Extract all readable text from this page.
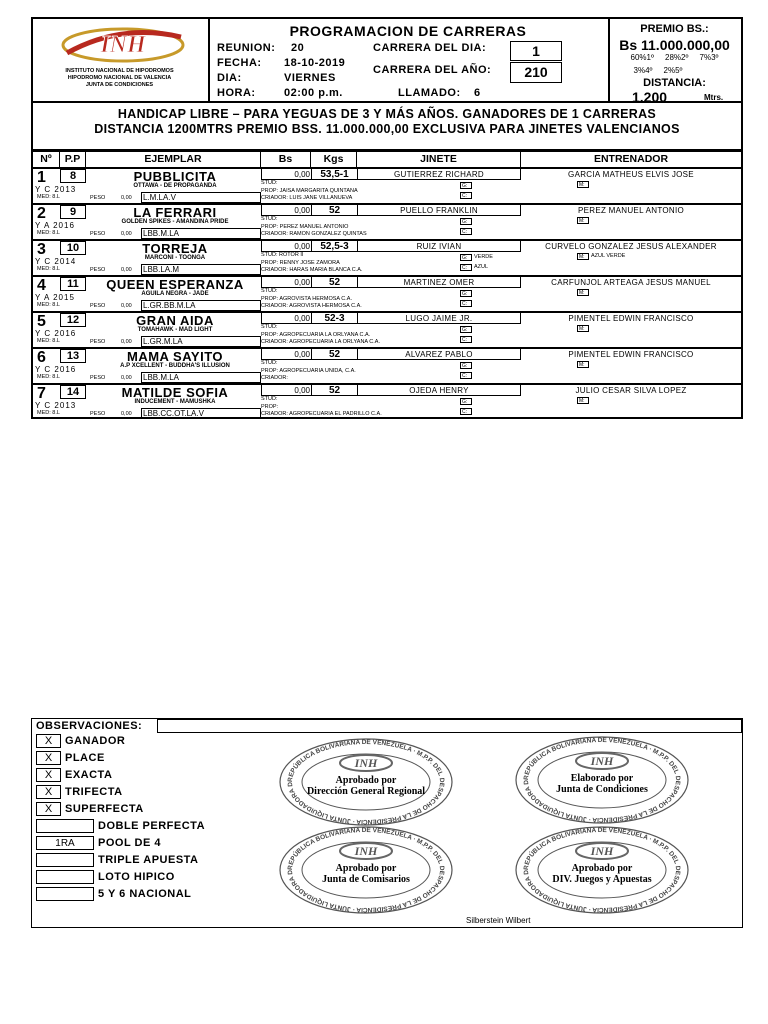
INH
INSTITUTO NACIONAL DE HIPODROMOS
HIPODROMO NACIONAL DE VALENCIA
JUNTA DE CONDICIONES
PROGRAMACION DE CARRERAS
REUNION: 20
FECHA: 18-10-2019
DIA:	VIERNES
HORA:	02:00 p.m.
CARRERA DEL DIA:
CARRERA DEL AÑO:
LLAMADO: 6
1
210
PREMIO BS.:
Bs 11.000.000,00
60%1º     28%2º     7%3º
3%4º     2%5º
DISTANCIA:
1.200	Mtrs.
HANDICAP LIBRE – PARA YEGUAS DE 3 Y MÁS AÑOS. GANADORES DE 1 CARRERAS
DISTANCIA 1200MTRS PREMIO BSS. 11.000.000,00 EXCLUSIVA PARA JINETES VALENCIANOS
Nº	P.P	EJEMPLAR	Bs	Kgs	JINETE	ENTRENADOR
1	8
Y C 2013
MED: 8.L
PUBBLICITA
OTTAWA - DE PROPAGANDA
PESO	0,00 L.M.LA.V
0,00	53,5-1	GUTIERREZ RICHARD	GARCIA MATHEUS ELVIS JOSE
STUD:
PROP: JAISA MARGARITA QUINTANA
CRIADOR: LUIS JANE VILLANUEVA
G:
C:
M:
2	9
Y A 2016
MED: 8.L
LA FERRARI
GOLDEN SPIKES - AMANDINA PRIDE
PESO	0,00 LBB.M.LA
0,00	52	PUELLO FRANKLIN	PEREZ MANUEL ANTONIO
STUD:
PROP: PEREZ MANUEL ANTONIO
CRIADOR: RAMON GONZALEZ QUINTAS
G:
C:
M:
3	10
Y C 2014
MED: 8.L
TORREJA
MARCONI - TOONGA
PESO	0,00 LBB.LA.M
0,00	52,5-3	RUIZ IVIAN	CURVELO GONZALEZ JESUS ALEXANDER
STUD: ROTOR II
PROP: RENNY JOSE ZAMORA
CRIADOR: HARAS MARIA BLANCA C.A.
G:	VERDE
C:	AZUL
M:	AZUL VERDE
4	11
Y A 2015
MED: 8.L
QUEEN ESPERANZA
AGUILA NEGRA - JADE
PESO	0,00 L.GR.BB.M.LA
0,00	52	MARTINEZ OMER	CARFUNJOL ARTEAGA JESUS MANUEL
STUD:
PROP: AGROVISTA HERMOSA C.A.
CRIADOR: AGROVISTA HERMOSA C.A.
G:
C:
M:
5	12
Y C 2016
MED: 8.L
GRAN AIDA
TOMAHAWK - MAD LIGHT
PESO	0,00 L.GR.M.LA
0,00	52-3	LUGO JAIME JR.	PIMENTEL EDWIN FRANCISCO
STUD:
PROP: AGROPECUARIA LA ORLYANA C.A.
CRIADOR: AGROPECUARIA LA ORLYANA C.A.
G:
C:
M:
6	13
Y C 2016
MED: 8.L
MAMA SAYITO
A.P XCELLENT - BUDDHA'S ILLUSION
PESO	0,00 LBB.M.LA
0,00	52	ALVAREZ PABLO	PIMENTEL EDWIN FRANCISCO
STUD:
PROP: AGROPECUARIA UNIDA, C.A.
CRIADOR:
G:
C:
M:
7	14
Y C 2013
MED: 8.L
MATILDE SOFIA
INDUCEMENT - MAMUSHKA
PESO	0,00 LBB.CC.OT.LA.V
0,00	52	OJEDA HENRY	JULIO CESAR SILVA LOPEZ
STUD:
PROP:
CRIADOR: AGROPECUARIA EL PADRILLO C.A.
G:
C:
M:
OBSERVACIONES:
X	GANADOR
X	PLACE
X	EXACTA
X	TRIFECTA
X	SUPERFECTA
DOBLE PERFECTA
1RA	POOL DE 4
TRIPLE APUESTA
LOTO HIPICO
5 Y 6 NACIONAL
REPÚBLICA BOLIVARIANA DE VENEZUELA · M.P.P. DEL DESPACHO DE LA PRESIDENCIA · JUNTA LIQUIDADORA D
INH
Aprobado por
Dirección General Regional
REPÚBLICA BOLIVARIANA DE VENEZUELA · M.P.P. DEL DESPACHO DE LA PRESIDENCIA · JUNTA LIQUIDADORA D
INH
Elaborado por
Junta de Condiciones
REPÚBLICA BOLIVARIANA DE VENEZUELA · M.P.P. DEL DESPACHO DE LA PRESIDENCIA · JUNTA LIQUIDADORA D
INH
Aprobado por
Junta de Comisarios
REPÚBLICA BOLIVARIANA DE VENEZUELA · M.P.P. DEL DESPACHO DE LA PRESIDENCIA · JUNTA LIQUIDADORA D
INH
Aprobado por
DIV. Juegos y Apuestas
Silberstein Wilbert
